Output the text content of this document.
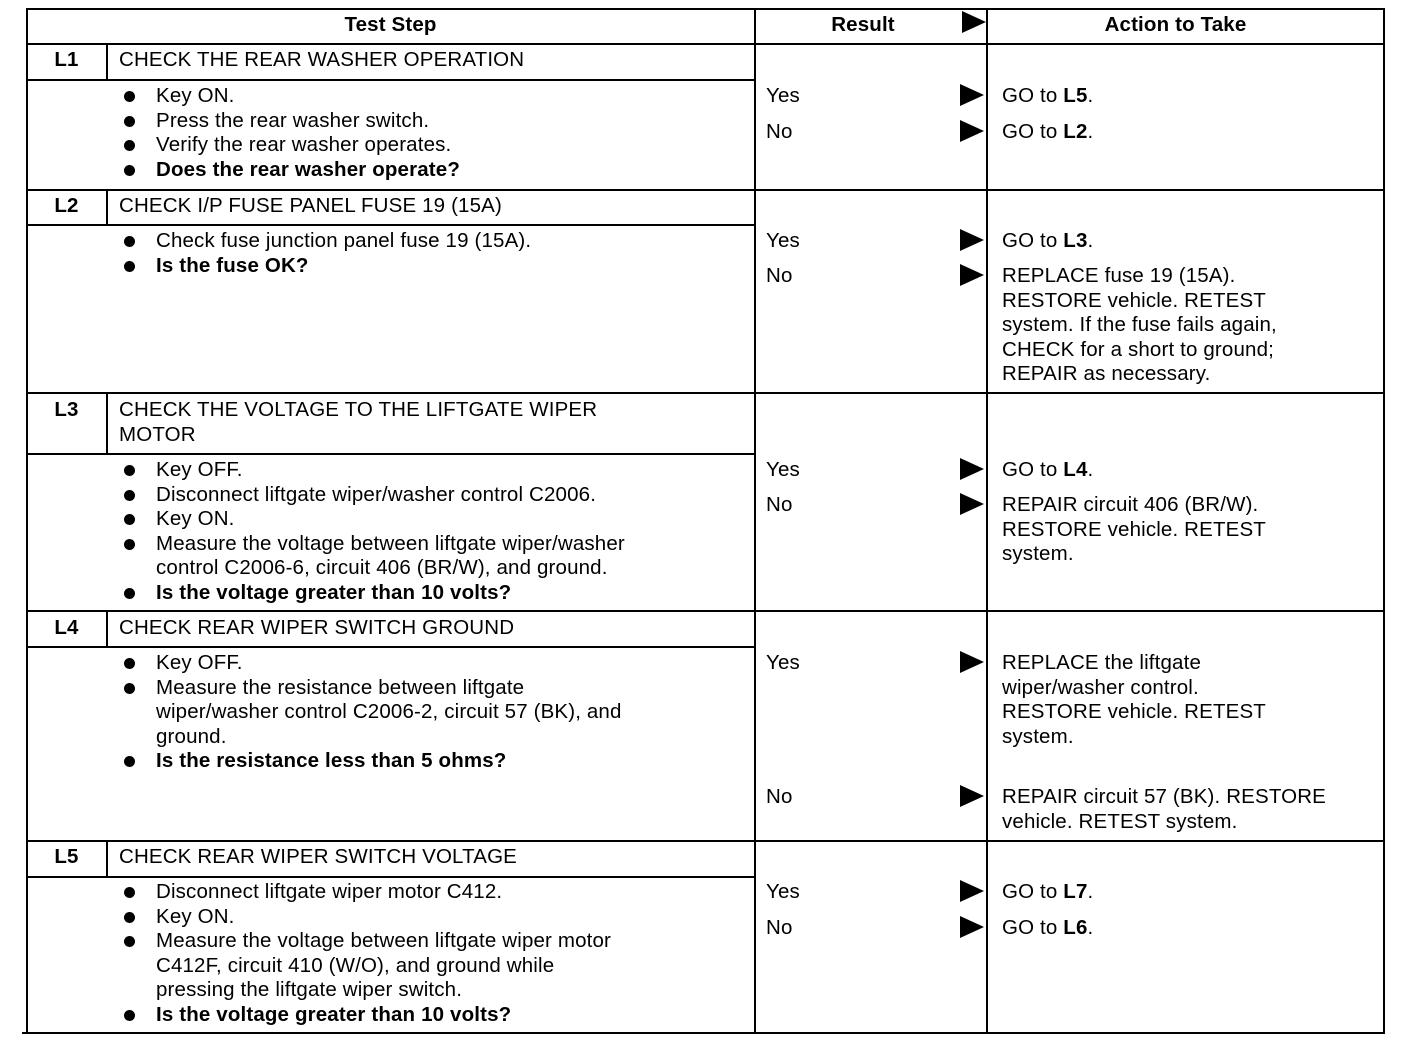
Test Step	Result	Action to Take
L1	CHECK THE REAR WASHER OPERATION
Key ON.
Press the rear washer switch.
Verify the rear washer operates.
Does the rear washer operate?
Yes	GO to L5.
No	GO to L2.
L2	CHECK I/P FUSE PANEL FUSE 19 (15A)
Check fuse junction panel fuse 19 (15A).
Is the fuse OK?
Yes	GO to L3.
No	REPLACE fuse 19 (15A).
RESTORE vehicle. RETEST
system. If the fuse fails again,
CHECK for a short to ground;
REPAIR as necessary.
L3	CHECK THE VOLTAGE TO THE LIFTGATE WIPER
MOTOR
Key OFF.
Disconnect liftgate wiper/washer control C2006.
Key ON.
Measure the voltage between liftgate wiper/washer
control C2006-6, circuit 406 (BR/W), and ground.
Is the voltage greater than 10 volts?
Yes	GO to L4.
No	REPAIR circuit 406 (BR/W).
RESTORE vehicle. RETEST
system.
L4	CHECK REAR WIPER SWITCH GROUND
Key OFF.
Measure the resistance between liftgate
wiper/washer control C2006-2, circuit 57 (BK), and
ground.
Is the resistance less than 5 ohms?
Yes	REPLACE the liftgate
wiper/washer control.
RESTORE vehicle. RETEST
system.
No	REPAIR circuit 57 (BK). RESTORE
vehicle. RETEST system.
L5	CHECK REAR WIPER SWITCH VOLTAGE
Disconnect liftgate wiper motor C412.
Key ON.
Measure the voltage between liftgate wiper motor
C412F, circuit 410 (W/O), and ground while
pressing the liftgate wiper switch.
Is the voltage greater than 10 volts?
Yes	GO to L7.
No	GO to L6.
